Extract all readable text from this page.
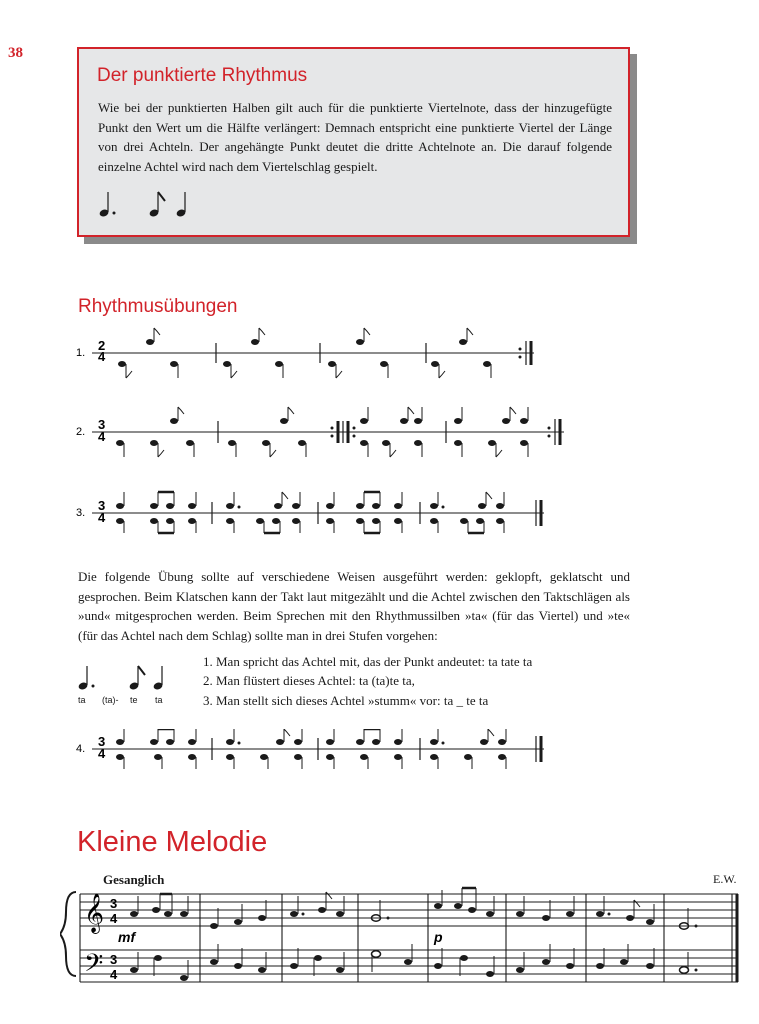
38
Der punktierte Rhythmus

Wie bei der punktierten Halben gilt auch für die punktierte Viertelnote, dass der hinzugefügte Punkt den Wert um die Hälfte verlängert: Demnach entspricht eine punktierte Viertel der Länge von drei Achteln. Der angehängte Punkt deutet die dritte Achtelnote an. Die darauf folgende einzelne Achtel wird nach dem Viertelschlag gespielt.

Rhythmusübungen
1. 2
4
2. 3
4
3. 3
4

Die folgende Übung sollte auf verschiedene Weisen ausgeführt werden: geklopft, geklatscht und gesprochen. Beim Klatschen kann der Takt laut mitgezählt und die Achtel zwischen den Taktschlägen als »und« mitgesprochen werden. Beim Sprechen mit den Rhythmussilben »ta« (für das Viertel) und »te« (für das Achtel nach dem Schlag) sollte man in drei Stufen vorgehen:

ta (ta)- te ta
1. Man spricht das Achtel mit, das der Punkt andeutet: ta tate ta
2. Man flüstert dieses Achtel: ta (ta)te ta,
3. Man stellt sich dieses Achtel »stumm« vor: ta _ te ta
4. 3
4
Kleine Melodie
Gesanglich	E.W.
𝄞
𝄢
3
4
3
4
mf	p
